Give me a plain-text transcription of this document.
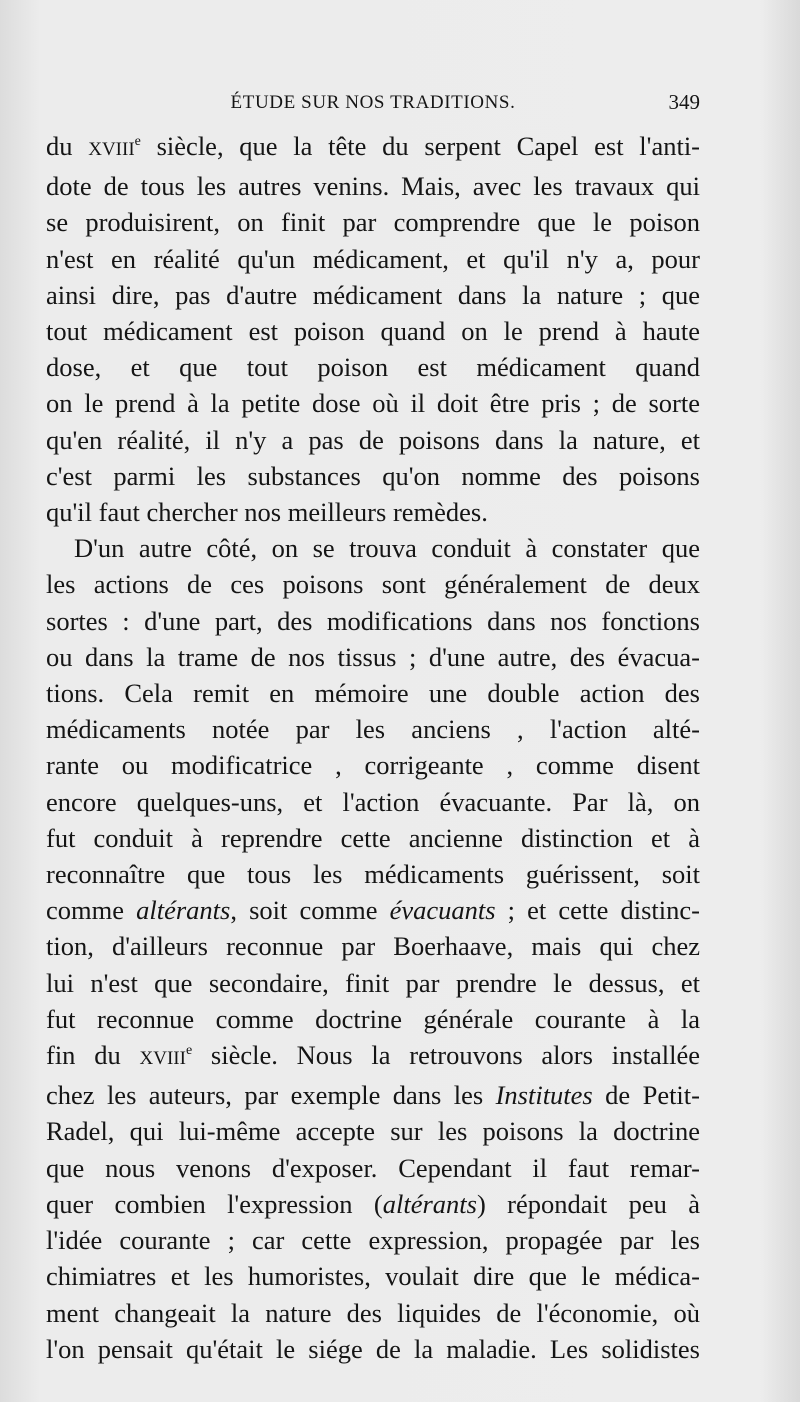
ÉTUDE SUR NOS TRADITIONS.	349
du XVIIIe siècle, que la tête du serpent Capel est l'anti-
dote de tous les autres venins. Mais, avec les travaux qui
se produisirent, on finit par comprendre que le poison
n'est en réalité qu'un médicament, et qu'il n'y a, pour
ainsi dire, pas d'autre médicament dans la nature ; que
tout médicament est poison quand on le prend à haute
dose, et que tout poison est médicament quand
on le prend à la petite dose où il doit être pris ; de sorte
qu'en réalité, il n'y a pas de poisons dans la nature, et
c'est parmi les substances qu'on nomme des poisons
qu'il faut chercher nos meilleurs remèdes.
D'un autre côté, on se trouva conduit à constater que
les actions de ces poisons sont généralement de deux
sortes : d'une part, des modifications dans nos fonctions
ou dans la trame de nos tissus ; d'une autre, des évacua-
tions. Cela remit en mémoire une double action des
médicaments notée par les anciens , l'action alté-
rante ou modificatrice , corrigeante , comme disent
encore quelques-uns, et l'action évacuante. Par là, on
fut conduit à reprendre cette ancienne distinction et à
reconnaître que tous les médicaments guérissent, soit
comme altérants, soit comme évacuants ; et cette distinc-
tion, d'ailleurs reconnue par Boerhaave, mais qui chez
lui n'est que secondaire, finit par prendre le dessus, et
fut reconnue comme doctrine générale courante à la
fin du XVIIIe siècle. Nous la retrouvons alors installée
chez les auteurs, par exemple dans les Institutes de Petit-
Radel, qui lui-même accepte sur les poisons la doctrine
que nous venons d'exposer. Cependant il faut remar-
quer combien l'expression (altérants) répondait peu à
l'idée courante ; car cette expression, propagée par les
chimiatres et les humoristes, voulait dire que le médica-
ment changeait la nature des liquides de l'économie, où
l'on pensait qu'était le siége de la maladie. Les solidistes
